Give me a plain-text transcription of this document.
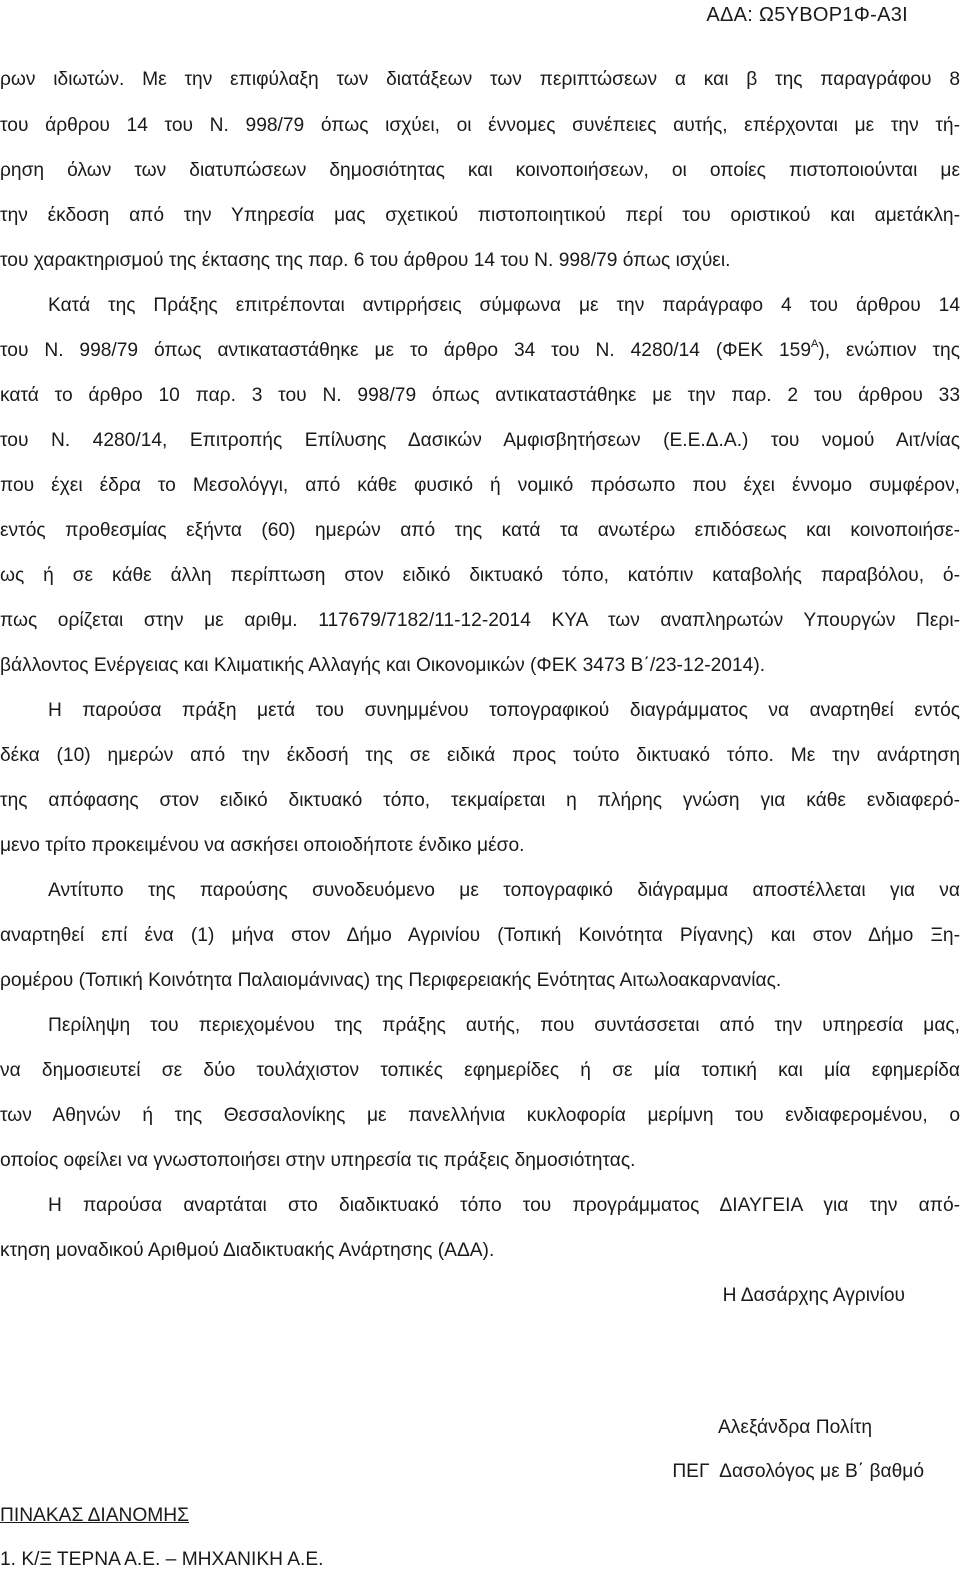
ΑΔΑ: Ω5ΥΒΟΡ1Φ-Α3Ι
ρων ιδιωτών. Με την επιφύλαξη των διατάξεων των περιπτώσεων α και β της παραγράφου 8
του άρθρου 14 του Ν. 998/79 όπως ισχύει, οι έννομες συνέπειες αυτής, επέρχονται με την τή-
ρηση όλων των διατυπώσεων δημοσιότητας και κοινοποιήσεων, οι οποίες πιστοποιούνται με
την έκδοση από την Υπηρεσία μας σχετικού πιστοποιητικού περί του οριστικού και αμετάκλη-
του χαρακτηρισμού της έκτασης της παρ. 6 του άρθρου 14 του Ν. 998/79 όπως ισχύει.
Κατά της Πράξης επιτρέπονται αντιρρήσεις σύμφωνα με την παράγραφο 4 του άρθρου 14
του Ν. 998/79 όπως αντικαταστάθηκε με το άρθρο 34 του Ν. 4280/14 (ΦΕΚ $159^A$), ενώπιον της
κατά το άρθρο 10 παρ. 3 του Ν. 998/79 όπως αντικαταστάθηκε με την παρ. 2 του άρθρου 33
του Ν. 4280/14, Επιτροπής Επίλυσης Δασικών Αμφισβητήσεων (Ε.Ε.Δ.Α.) του νομού Αιτ/νίας
που έχει έδρα το Μεσολόγγι, από κάθε φυσικό ή νομικό πρόσωπο που έχει έννομο συμφέρον,
εντός προθεσμίας εξήντα (60) ημερών από της κατά τα ανωτέρω επιδόσεως και κοινοποιήσε-
ως ή σε κάθε άλλη περίπτωση στον ειδικό δικτυακό τόπο, κατόπιν καταβολής παραβόλου, ό-
πως ορίζεται στην με αριθμ. 117679/7182/11-12-2014 ΚΥΑ των αναπληρωτών Υπουργών Περι-
βάλλοντος Ενέργειας και Κλιματικής Αλλαγής και Οικονομικών (ΦΕΚ 3473 Β΄/23-12-2014).
Η παρούσα πράξη μετά του συνημμένου τοπογραφικού διαγράμματος να αναρτηθεί εντός
δέκα (10) ημερών από την έκδοσή της σε ειδικά προς τούτο δικτυακό τόπο. Με την ανάρτηση
της απόφασης στον ειδικό δικτυακό τόπο, τεκμαίρεται η πλήρης γνώση για κάθε ενδιαφερό-
μενο τρίτο προκειμένου να ασκήσει οποιοδήποτε ένδικο μέσο.
Αντίτυπο της παρούσης συνοδευόμενο με τοπογραφικό διάγραμμα αποστέλλεται για να
αναρτηθεί επί ένα (1) μήνα στον Δήμο Αγρινίου (Τοπική Κοινότητα Ρίγανης) και στον Δήμο Ξη-
ρομέρου (Τοπική Κοινότητα Παλαιομάνινας) της Περιφερειακής Ενότητας Αιτωλοακαρνανίας.
Περίληψη του περιεχομένου της πράξης αυτής, που συντάσσεται από την υπηρεσία μας,
να δημοσιευτεί σε δύο τουλάχιστον τοπικές εφημερίδες ή σε μία τοπική και μία εφημερίδα
των Αθηνών ή της Θεσσαλονίκης με πανελλήνια κυκλοφορία μερίμνη του ενδιαφερομένου, ο
οποίος οφείλει να γνωστοποιήσει στην υπηρεσία τις πράξεις δημοσιότητας.
Η παρούσα αναρτάται στο διαδικτυακό τόπο του προγράμματος ΔΙΑΥΓΕΙΑ για την από-
κτηση μοναδικού Αριθμού Διαδικτυακής Ανάρτησης (ΑΔΑ).
Η Δασάρχης Αγρινίου
Αλεξάνδρα Πολίτη
ΠΕΓ  Δασολόγος με Β΄ βαθμό
ΠΙΝΑΚΑΣ ΔΙΑΝΟΜΗΣ
1. Κ/Ξ ΤΕΡΝΑ Α.Ε. – ΜΗΧΑΝΙΚΗ Α.Ε.
